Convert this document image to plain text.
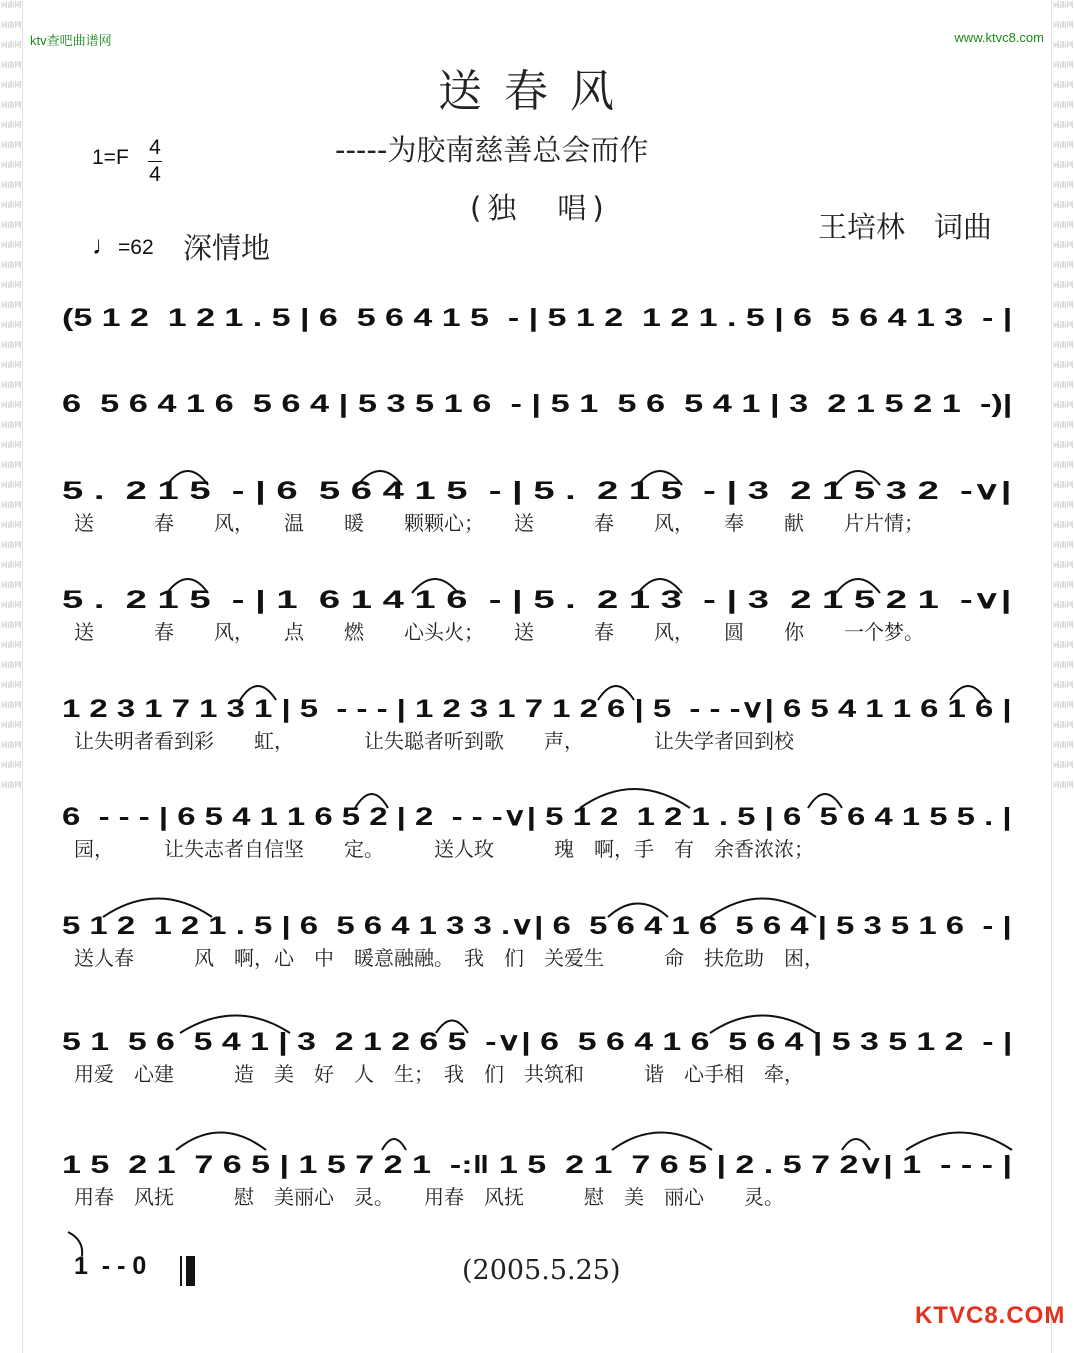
词曲网

词曲网

词曲网

词曲网

词曲网

词曲网

词曲网

词曲网

词曲网

词曲网

词曲网

词曲网

词曲网

词曲网

词曲网

词曲网

词曲网

词曲网

词曲网

词曲网

词曲网

词曲网

词曲网

词曲网

词曲网

词曲网

词曲网

词曲网

词曲网

词曲网

词曲网

词曲网

词曲网

词曲网

词曲网

词曲网

词曲网

词曲网

词曲网

词曲网
词曲网

词曲网

词曲网

词曲网

词曲网

词曲网

词曲网

词曲网

词曲网

词曲网

词曲网

词曲网

词曲网

词曲网

词曲网

词曲网

词曲网

词曲网

词曲网

词曲网

词曲网

词曲网

词曲网

词曲网

词曲网

词曲网

词曲网

词曲网

词曲网

词曲网

词曲网

词曲网

词曲网

词曲网

词曲网

词曲网

词曲网

词曲网

词曲网

词曲网
ktv查吧曲谱网	www.ktvc8.com
送春风
-----为胶南慈善总会而作
(独　唱)
王培林　词曲
1=F 4
4
♩=62 深情地
(5 1 2  1 2 1 . 5 | 6  5 6 4 1 5  - | 5 1 2  1 2 1 . 5 | 6  5 6 4 1 3  - |
6  5 6 4 1 6  5 6 4 | 5 3 5 1 6  - | 5 1  5 6  5 4 1 | 3  2 1 5 2 1  -)|
5 .  2 1 5  - | 6  5 6 4 1 5  - | 5 .  2 1 5  - | 3  2 1 5 3 2  -∨|
送　　　春　　风，　　温　　暖　　颗颗心；　　送　　　春　　风，　　奉　　献　　片片情；
5 .  2 1 5  - | 1  6 1 4 1 6  - | 5 .  2 1 3  - | 3  2 1 5 2 1  -∨|
送　　　春　　风，　　点　　燃　　心头火；　　送　　　春　　风，　　圆　　你　　一个梦。
1 2 3 1 7 1 3 1 | 5  - - - | 1 2 3 1 7 1 2 6 | 5  - - -∨| 6 5 4 1 1 6 1 6 |
让失明者看到彩　　虹，　　　　让失聪者听到歌　　声，　　　　让失学者回到校
6  - - - | 6 5 4 1 1 6 5 2 | 2  - - -∨| 5 1 2  1 2 1 . 5 | 6  5 6 4 1 5 5 . |
园，　　　让失志者自信坚　　定。　　　送人玫　　　瑰　啊，手　有　余香浓浓；
5 1 2  1 2 1 . 5 | 6  5 6 4 1 3 3 .∨| 6  5 6 4 1 6  5 6 4 | 5 3 5 1 6  - |
送人春　　　风　啊，心　中　暖意融融。　我　们　关爱生　　　命　扶危助　困，
5 1  5 6  5 4 1 | 3  2 1 2 6 5  -∨| 6  5 6 4 1 6  5 6 4 | 5 3 5 1 2  - |
用爱　心建　　　造　美　好　人　生；　我　们　共筑和　　　谐　心手相　牵，
1 5  2 1  7 6 5 | 1 5 7 2 1  -:‖ 1 5  2 1  7 6 5 | 2 . 5 7 2∨| 1  - - - |
用春　风抚　　　慰　美丽心　灵。　　用春　风抚　　　慰　美　丽心　　灵。
1  - - 0	(2005.5.25)
KTVC8.COM
